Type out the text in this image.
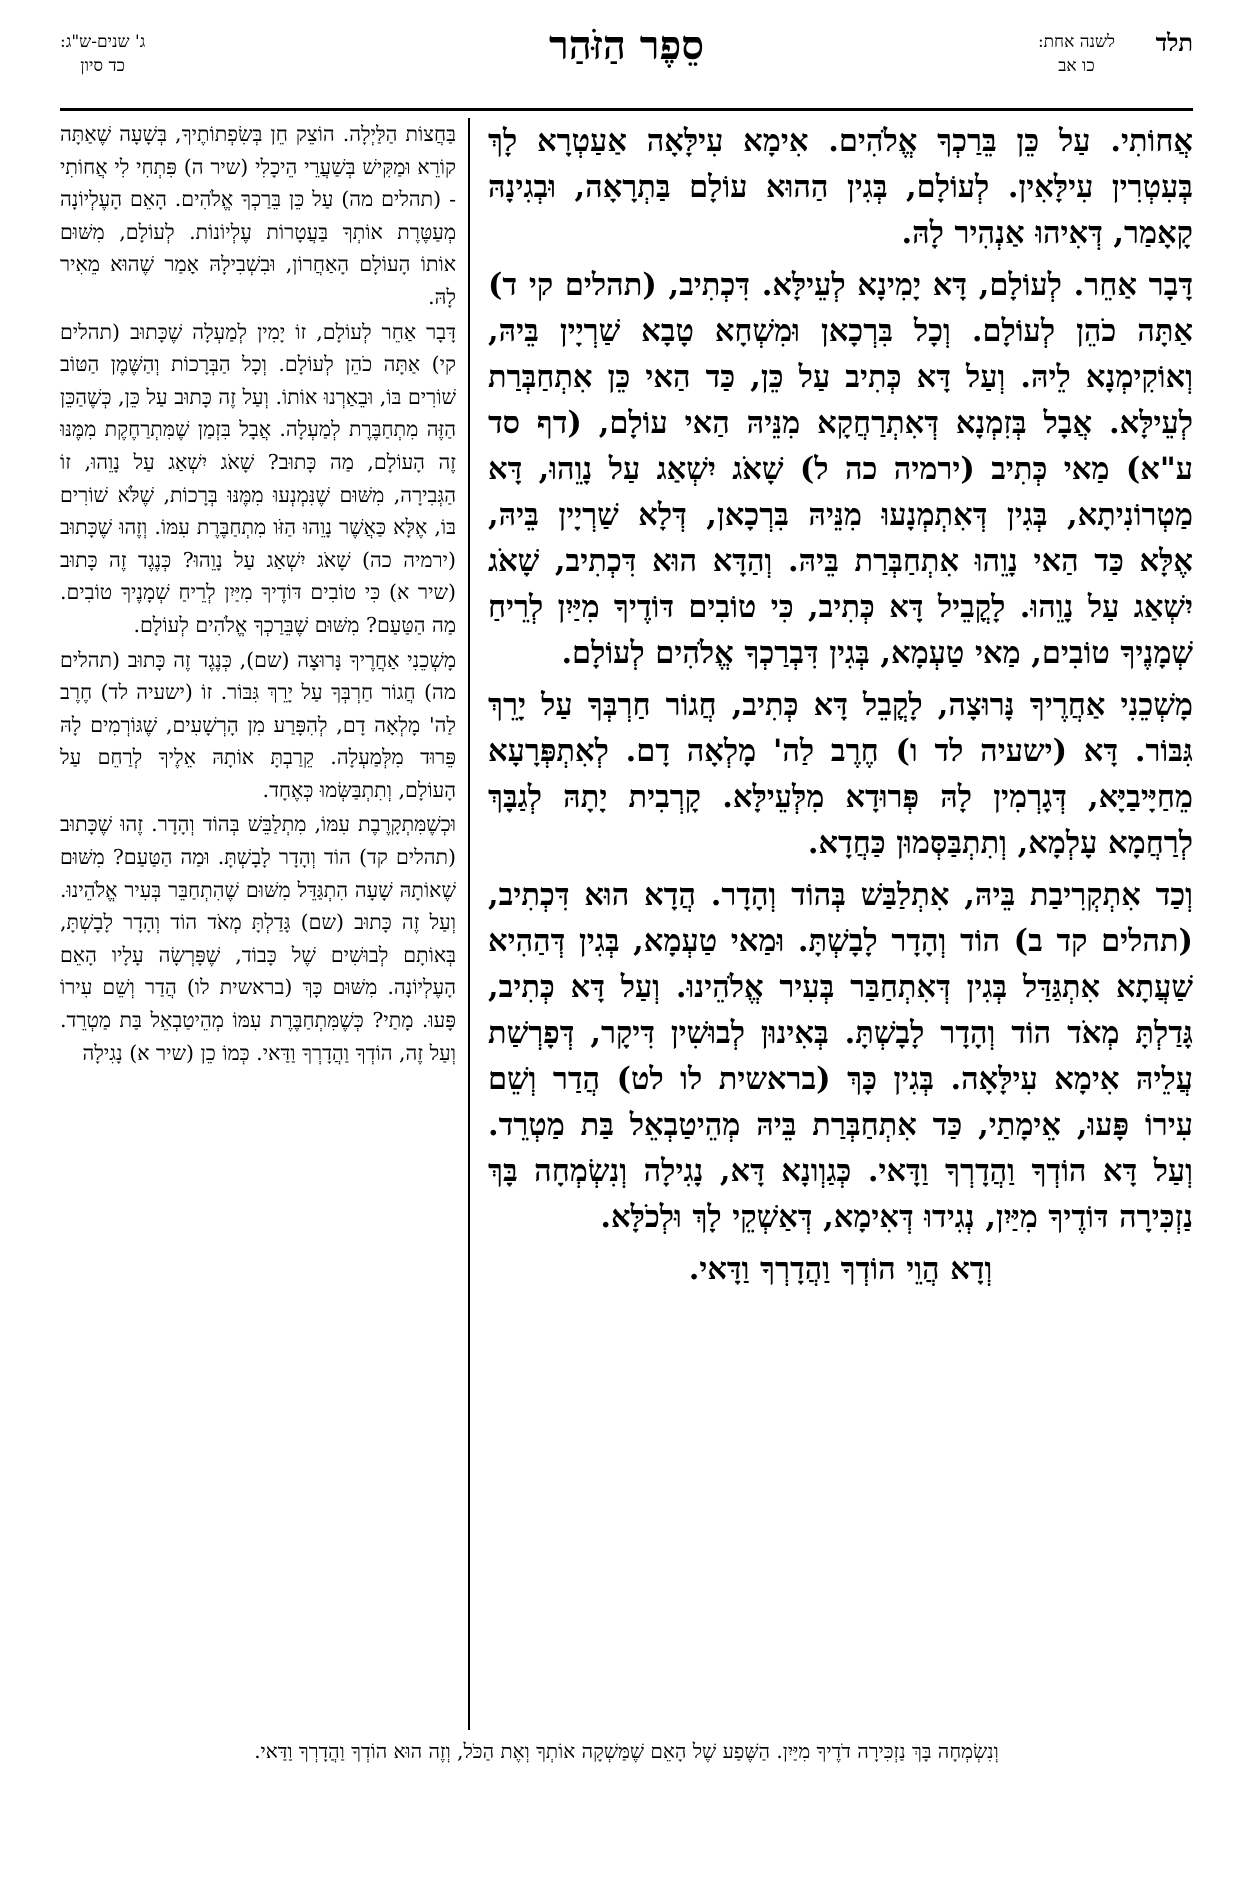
תלד
לשנה אחת:
כו אב
סֵפֶר הַזֹּהַר
ג' שנים-ש"ג:
כד סיון

אֲחוֹתִי. עַל כֵּן בֵּרַכְךָ אֱלֹהִים. אִימָא עִילָּאָה אַעַטְרָא לָךְ בְּעִטְרִין עִילָּאִין. לְעוֹלָם, בְּגִין הַהוּא עוֹלָם בַּתְרָאָה, וּבְגִינָהּ קָאָמַר, דְּאִיהוּ אַנְהִיר לָהּ.

דָּבָר אַחֵר. לְעוֹלָם, דָּא יָמִינָא לְעֵילָּא. דִּכְתִיב, (תהלים קי ד) אַתָּה כֹהֵן לְעוֹלָם. וְכָל בִּרְכָאן וּמִשְׁחָא טָבָא שַׁרְיָין בֵּיהּ, וְאוֹקִימְנָא לֵיהּ. וְעַל דָּא כְּתִיב עַל כֵּן, כַּד הַאי כֵּן אִתְחַבְּרַת לְעֵילָּא. אֲבָל בְּזִמְנָא דְּאִתְרַחֲקָא מִנֵּיהּ הַאי עוֹלָם, (דף סד ע"א) מַאי כְּתִיב (ירמיה כה ל) שָׁאֹג יִשְׁאַג עַל נָוֵהוּ, דָּא מַטְרוֹנִיתָא, בְּגִין דְּאִתְמְנָעוּ מִנֵּיהּ בִּרְכָאן, דְּלָא שַׁרְיָין בֵּיהּ, אֶלָּא כַּד הַאי נָוֵהוּ אִתְחַבְּרַת בֵּיהּ. וְהַדָּא הוּא דִּכְתִיב, שָׁאֹג יִשְׁאַג עַל נָוֵהוּ. לָקֳבֵיל דָּא כְּתִיב, כִּי טוֹבִים דּוֹדֶיךָ מִיַּיִן לְרֵיחַ שְׁמָנֶיךָ טוֹבִים, מַאי טַעְמָא, בְּגִין דִּבְרַכְךָ אֱלֹהִים לְעוֹלָם.

מָשְׁכֵנִי אַחֲרֶיךָ נָּרוּצָה, לָקֳבֵל דָּא כְּתִיב, חֲגוֹר חַרְבְּךָ עַל יָרֵךְ גִּבּוֹר. דָּא (ישעיה לד ו) חֶרֶב לַה' מָלְאָה דָם. לְאִתְפְּרָעָא מֵחַיָּיבַיָּא, דְּגָרְמִין לָהּ פְּרוּדָא מִלְּעֵילָּא. קָרְבִית יָתָהּ לְגַבָּךְ לְרַחֲמָא עָלְמָא, וְתִתְבַּסְּמוּן כַּחֲדָא.

וְכַד אִתְקְרִיבַת בֵּיהּ, אִתְלַבַּשׁ בְּהוֹד וְהָדָר. הֲדָא הוּא דִּכְתִיב, (תהלים קד ב) הוֹד וְהָדָר לָבָשְׁתָּ. וּמַאי טַעְמָא, בְּגִין דְּהַהִיא שַׁעֲתָא אִתְגַּדַּל בְּגִין דְּאִתְחַבַּר בְּעִיר אֱלֹהֵינוּ. וְעַל דָּא כְּתִיב, גָּדַלְתָּ מְאֹד הוֹד וְהָדָר לָבָשְׁתָּ. בְּאִינוּן לְבוּשִׁין דִּיקָר, דְּפָרְשַׁת עֲלֵיהּ אִימָא עִילָּאָה. בְּגִין כָּךְ (בראשית לו לט) הֲדַר וְשֵׁם עִירוֹ פָּעוּ, אֵימָתַי, כַּד אִתְחַבְּרַת בֵּיהּ מְהֵיטַבְאֵל בַּת מַטְרֵד. וְעַל דָּא הוֹדְךָ וַהֲדָרְךָ וַדָּאי. כְּגַוְונָא דָּא, נָגִילָה וְנִשְׂמְחָה בָּךְ נַזְכִּירָה דּוֹדֶיךָ מִיַּיִן, נְגִידוּ דְּאִימָא, דְּאַשְׁקֵי לָךְ וּלְכֹלָּא.

וְדָא הֲוֵי הוֹדְךָ וַהֲדָרְךָ וַדָּאי.

בַּחֲצוֹת הַלַּיְלָה. הוֹצֵק חֵן בְּשִׂפְתוֹתֶיךָ, בְּשָׁעָה שֶׁאַתָּה קוֹרֵא וּמַקִּישׁ בְּשַׁעֲרֵי הֵיכָלִי (שיר ה) פִּתְחִי לִי אֲחוֹתִי - (תהלים מה) עַל כֵּן בֵּרַכְךָ אֱלֹהִים. הָאֵם הָעֶלְיוֹנָה מְעַטֶּרֶת אוֹתְךָ בַּעֲטָרוֹת עֶלְיוֹנוֹת. לְעוֹלָם, מִשּׁוּם אוֹתוֹ הָעוֹלָם הָאַחֲרוֹן, וּבִשְׁבִילָהּ אָמַר שֶׁהוּא מֵאִיר לָהּ.

דָּבָר אַחֵר לְעוֹלָם, זוֹ יָמִין לְמַעְלָה שֶׁכָּתוּב (תהלים קי) אַתָּה כֹהֵן לְעוֹלָם. וְכָל הַבְּרָכוֹת וְהַשֶּׁמֶן הַטּוֹב שׁוֹרִים בּוֹ, וּבֵאַרְנוּ אוֹתוֹ. וְעַל זֶה כָּתוּב עַל כֵּן, כְּשֶׁהַכֵּן הַזֶּה מִתְחַבֶּרֶת לְמַעְלָה. אֲבָל בִּזְמַן שֶׁמִּתְרַחֶקֶת מִמֶּנּוּ זֶה הָעוֹלָם, מַה כָּתוּב? שָׁאֹג יִשְׁאַג עַל נָוֵהוּ, זוֹ הַגְּבִירָה, מִשּׁוּם שֶׁנִּמְנְעוּ מִמֶּנּוּ בְּרָכוֹת, שֶׁלֹּא שׁוֹרִים בּוֹ, אֶלָּא כַּאֲשֶׁר נָוֵהוּ הַזֹּו מִתְחַבֶּרֶת עִמּוֹ. וְזֶהוּ שֶׁכָּתוּב (ירמיה כה) שָׁאֹג יִשְׁאַג עַל נָוֵהוּ? כְּנֶגֶד זֶה כָּתוּב (שיר א) כִּי טוֹבִים דּוֹדֶיךָ מִיַּיִן לְרֵיחַ שְׁמָנֶיךָ טוֹבִים. מַה הַטַּעַם? מִשּׁוּם שֶׁבֵּרַכְךָ אֱלֹהִים לְעוֹלָם.

מָשְׁכֵנִי אַחֲרֶיךָ נָּרוּצָה (שם), כְּנֶגֶד זֶה כָּתוּב (תהלים מה) חֲגוֹר חַרְבְּךָ עַל יָרֵךְ גִּבּוֹר. זוֹ (ישעיה לד) חֶרֶב לַה' מָלְאָה דָם, לְהִפָּרַע מִן הָרְשָׁעִים, שֶׁגּוֹרְמִים לָהּ פֵּרוּד מִלְּמַעְלָה. קֵרַבְתָּ אוֹתָהּ אֵלֶיךָ לְרַחֵם עַל הָעוֹלָם, וְתִתְבַּשְּׂמוּ כְּאֶחָד.

וּכְשֶׁמִּתְקָרֶבֶת עִמּוֹ, מִתְלַבֵּשׁ בְּהוֹד וְהָדָר. זֶהוּ שֶׁכָּתוּב (תהלים קד) הוֹד וְהָדָר לָבָשְׁתָּ. וּמַה הַטַּעַם? מִשּׁוּם שֶׁאוֹתָהּ שָׁעָה הִתְגַּדֵּל מִשּׁוּם שֶׁהִתְחַבֵּר בְּעִיר אֱלֹהֵינוּ. וְעַל זֶה כָּתוּב (שם) גָּדַלְתָּ מְאֹד הוֹד וְהָדָר לָבָשְׁתָּ, בְּאוֹתָם לְבוּשִׁים שֶׁל כָּבוֹד, שֶׁפָּרְשָׂה עָלָיו הָאֵם הָעֶלְיוֹנָה. מִשּׁוּם כָּךְ (בראשית לו) הֲדַר וְשֵׁם עִירוֹ פָּעוּ. מָתַי? כְּשֶׁמִּתְחַבֶּרֶת עִמּוֹ מְהֵיטַבְאֵל בַּת מַטְרֵד. וְעַל זֶה, הוֹדְךָ וַהֲדָרְךָ וַדַּאי. כְּמוֹ כֵן (שיר א) נָגִילָה

וְנִשְׂמְחָה בָּךְ נַזְכִּירָה דֹדֶיךָ מִיַּיִן. הַשֶּׁפַע שֶׁל הָאֵם שֶׁמַּשְׁקָה אוֹתְךָ וְאֶת הַכֹּל, וְזֶה הוּא הוֹדְךָ וַהֲדָרְךָ וַדַּאי.
